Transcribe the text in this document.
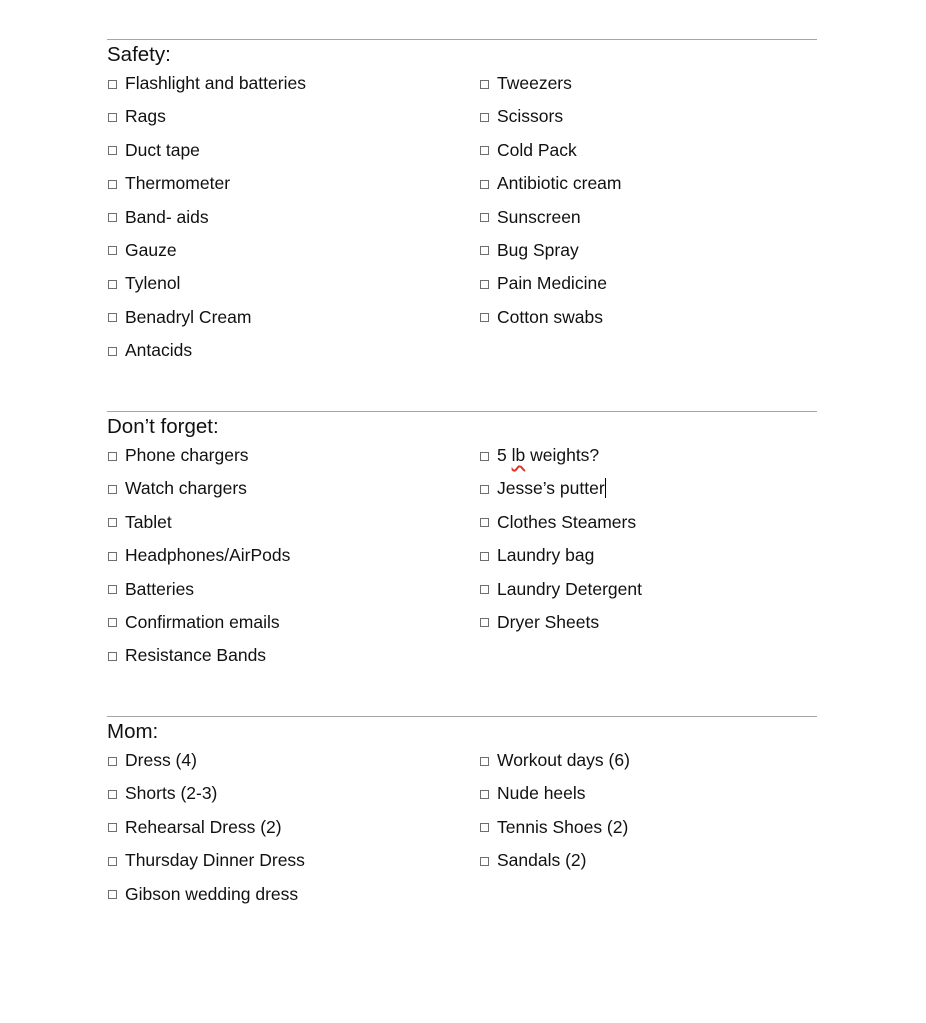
Safety:
Flashlight and batteries
Rags
Duct tape
Thermometer
Band- aids
Gauze
Tylenol
Benadryl Cream
Antacids
Tweezers
Scissors
Cold Pack
Antibiotic cream
Sunscreen
Bug Spray
Pain Medicine
Cotton swabs
Don’t forget:
Phone chargers
Watch chargers
Tablet
Headphones/AirPods
Batteries
Confirmation emails
Resistance Bands
5 lb weights?
Jesse’s putter
Clothes Steamers
Laundry bag
Laundry Detergent
Dryer Sheets
Mom:
Dress (4)
Shorts (2-3)
Rehearsal Dress (2)
Thursday Dinner Dress
Gibson wedding dress
Workout days (6)
Nude heels
Tennis Shoes (2)
Sandals (2)
